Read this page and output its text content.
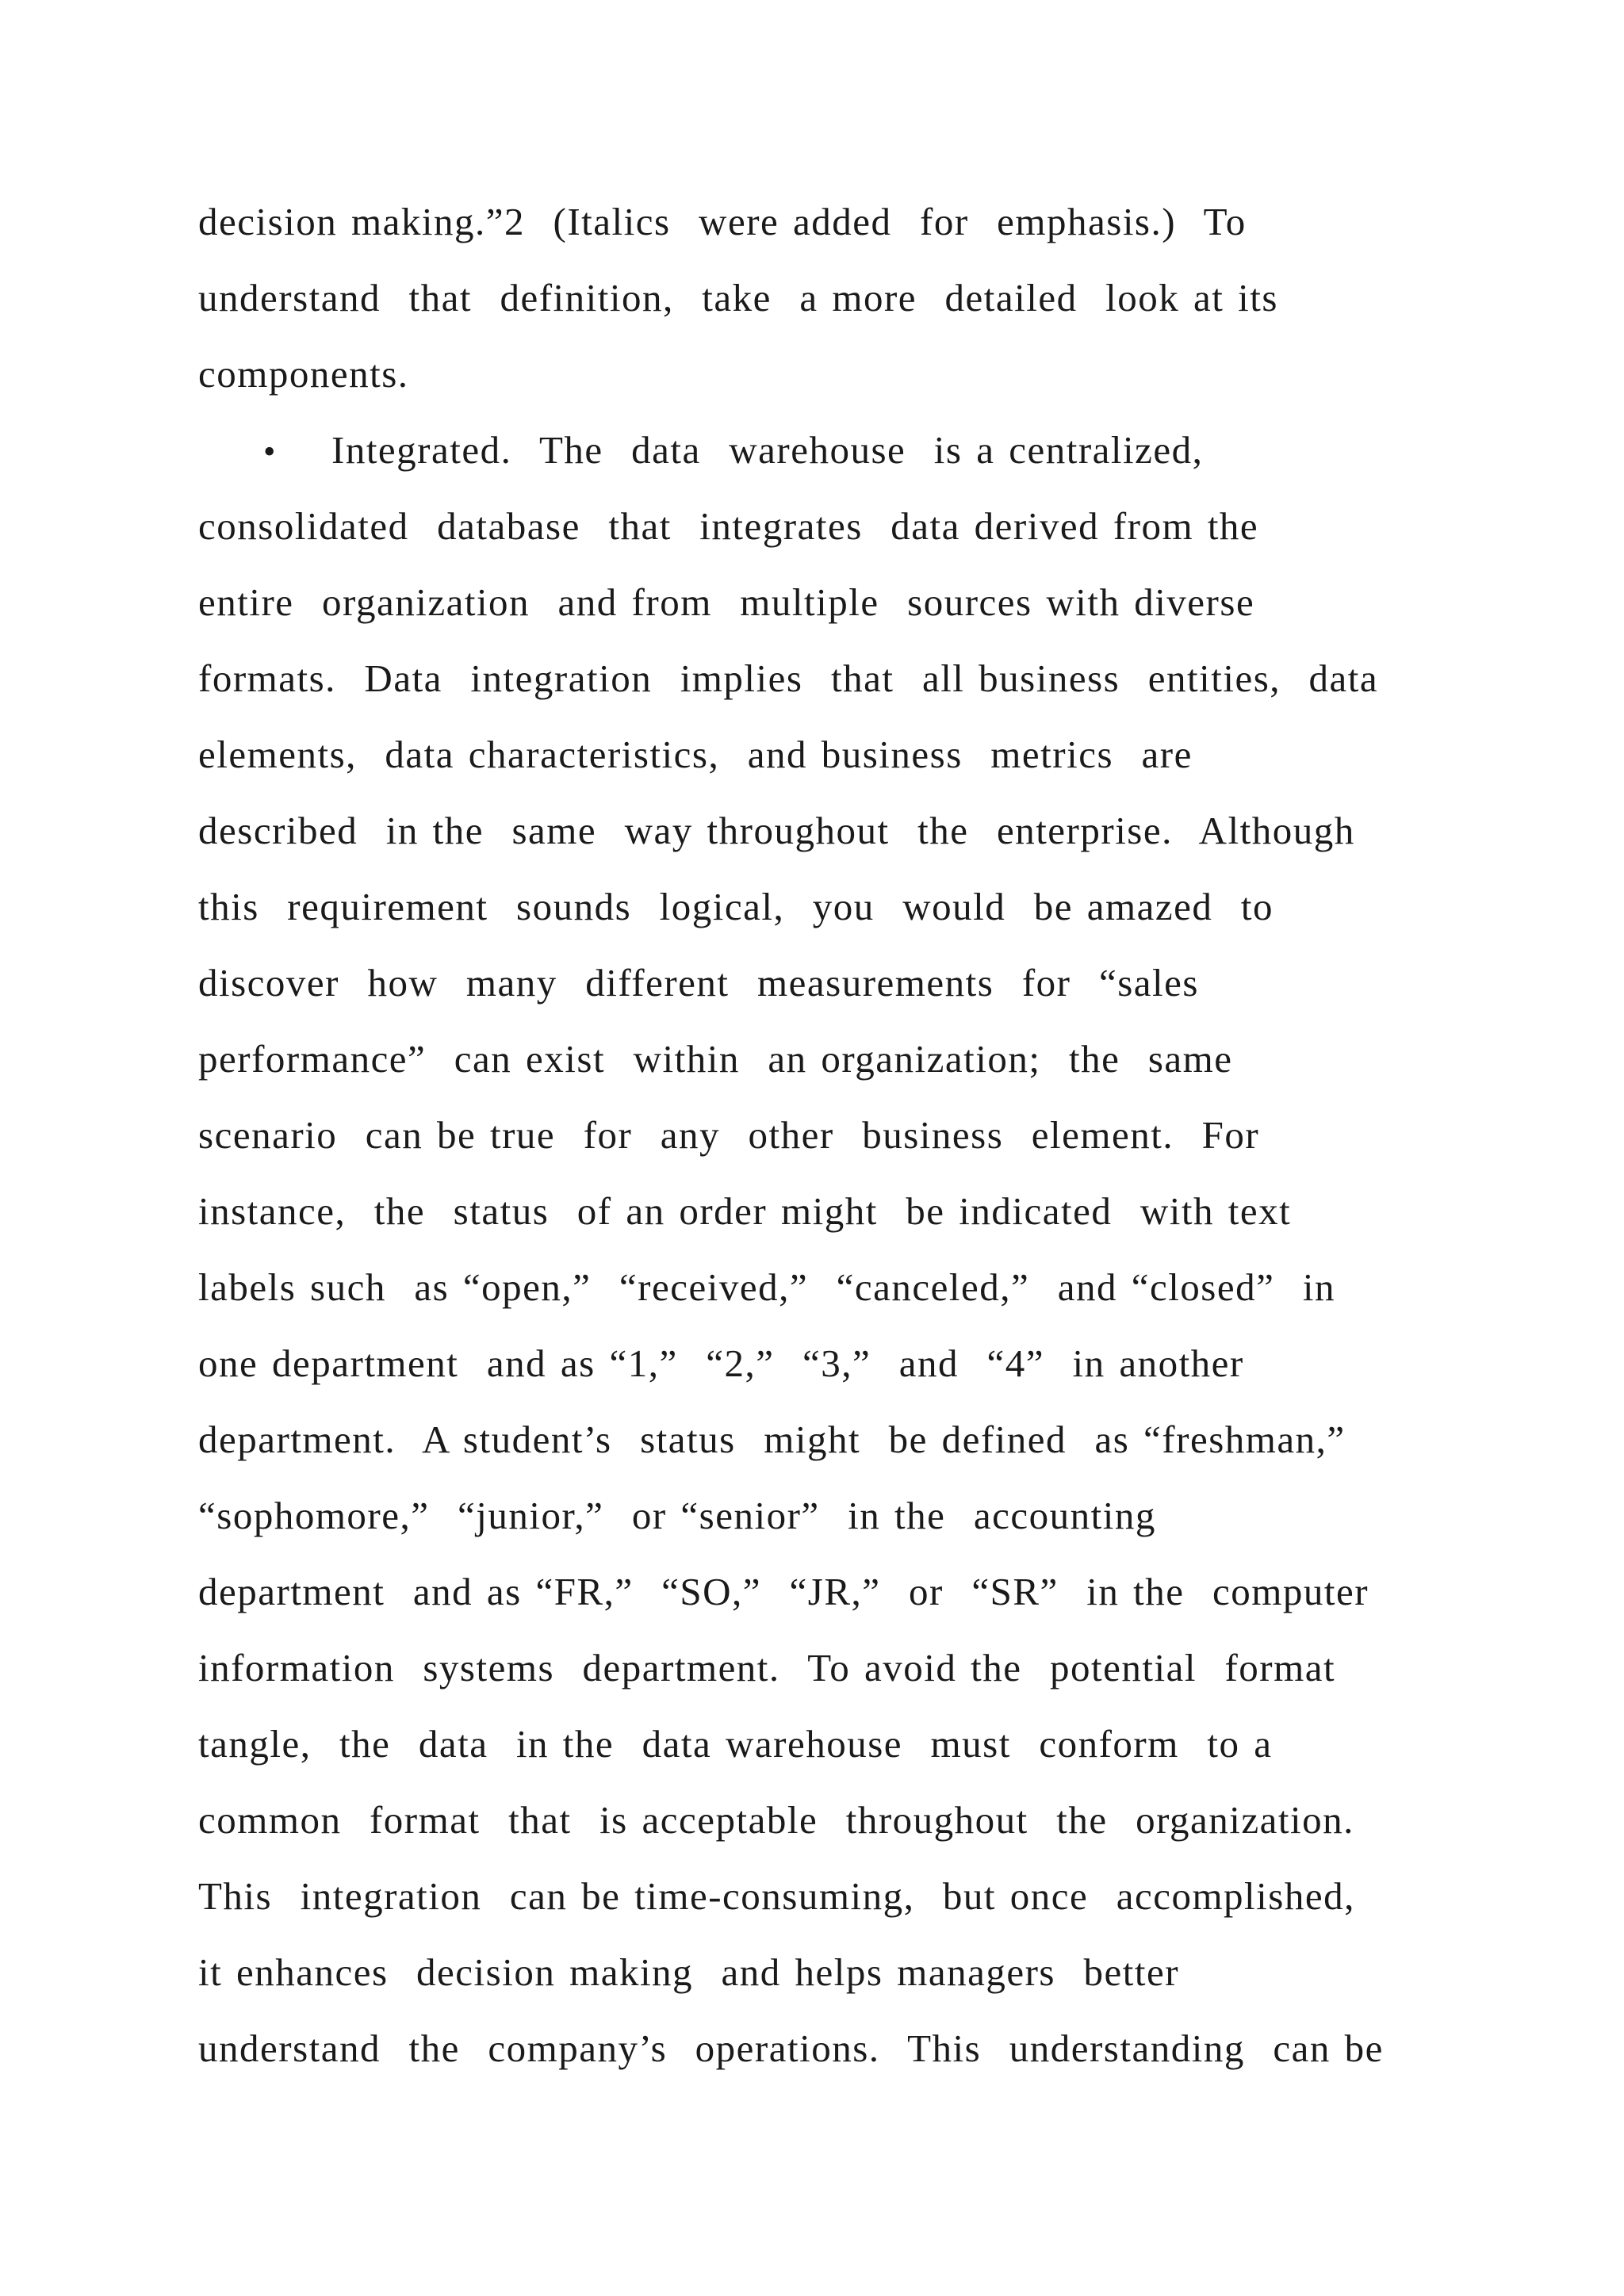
decision making.”2  (Italics  were added  for  emphasis.)  To

understand  that  definition,  take  a more  detailed  look at its

components.

• Integrated.  The  data  warehouse  is a centralized,

consolidated  database  that  integrates  data derived from the

entire  organization  and from  multiple  sources with diverse

formats.  Data  integration  implies  that  all business  entities,  data

elements,  data characteristics,  and business  metrics  are

described  in the  same  way throughout  the  enterprise.  Although

this  requirement  sounds  logical,  you  would  be amazed  to

discover  how  many  different  measurements  for  “sales

performance”  can exist  within  an organization;  the  same

scenario  can be true  for  any  other  business  element.  For

instance,  the  status  of an order might  be indicated  with text

labels such  as “open,”  “received,”  “canceled,”  and “closed”  in

one department  and as “1,”  “2,”  “3,”  and  “4”  in another

department.  A student’s  status  might  be defined  as “freshman,”

“sophomore,”  “junior,”  or “senior”  in the  accounting

department  and as “FR,”  “SO,”  “JR,”  or  “SR”  in the  computer

information  systems  department.  To avoid the  potential  format

tangle,  the  data  in the  data warehouse  must  conform  to a

common  format  that  is acceptable  throughout  the  organization.

This  integration  can be time-consuming,  but once  accomplished,

it enhances  decision making  and helps managers  better

understand  the  company’s  operations.  This  understanding  can be
